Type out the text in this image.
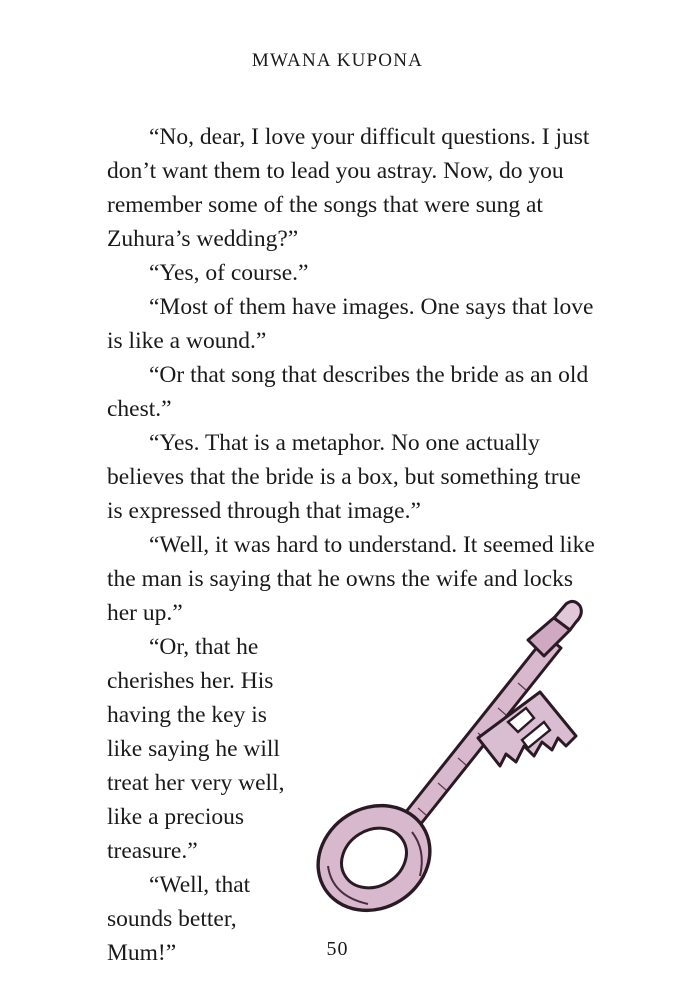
MWANA KUPONA

“No, dear, I love your difficult questions. I just don’t want them to lead you astray. Now, do you remember some of the songs that were sung at Zuhura’s wedding?”

“Yes, of course.”

“Most of them have images. One says that love is like a wound.”

“Or that song that describes the bride as an old chest.”

“Yes. That is a metaphor. No one actually believes that the bride is a box, but something true is expressed through that image.”

“Well, it was hard to understand. It seemed like the man is saying that he owns the wife and locks her up.”

“Or, that he cherishes her. His having the key is like saying he will treat her very well, like a precious treasure.”

“Well, that sounds better, Mum!”	50
